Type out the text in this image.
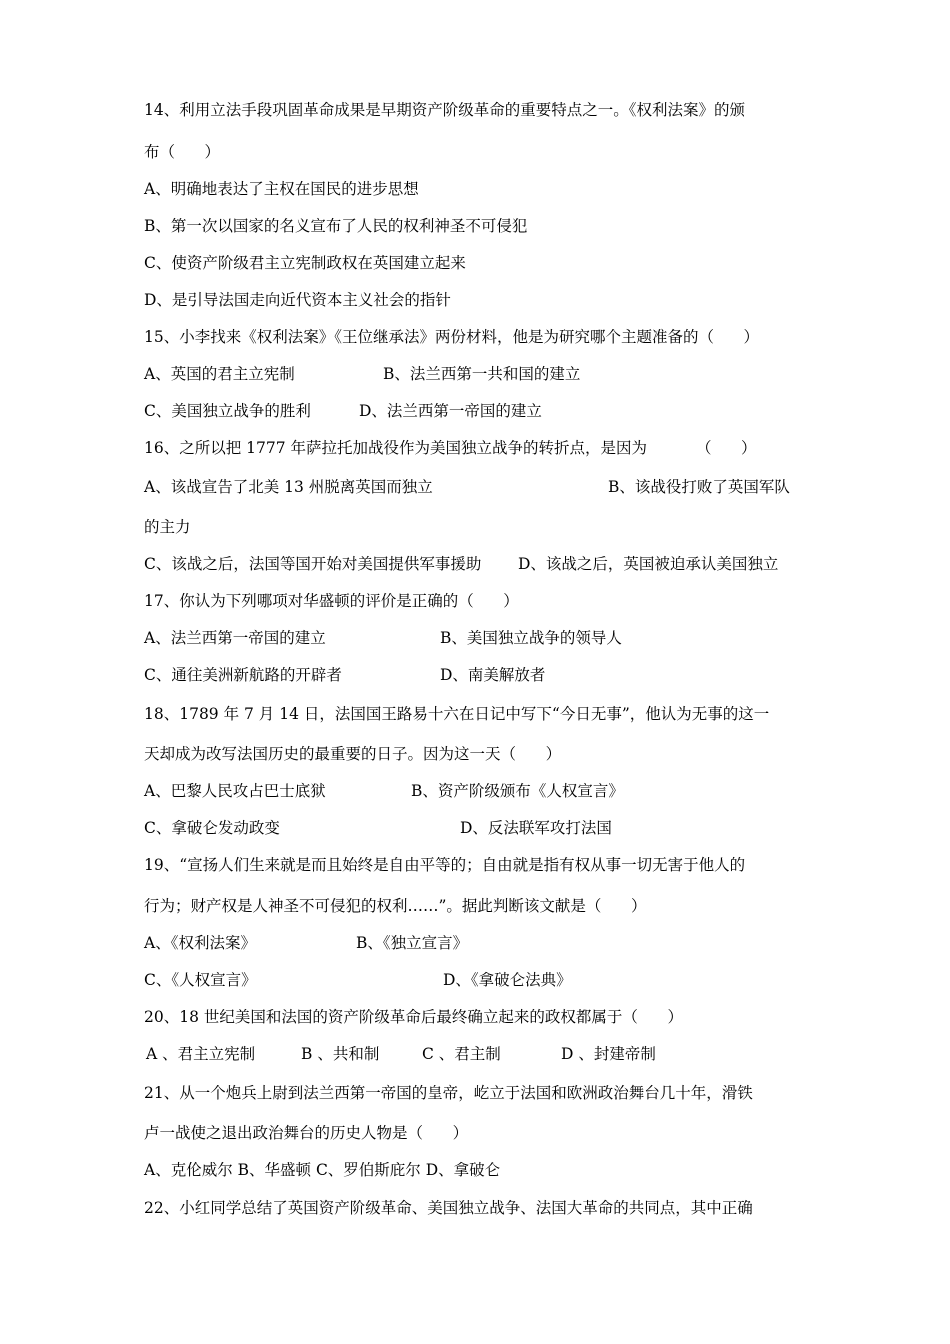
14、利用立法手段巩固革命成果是早期资产阶级革命的重要特点之一。《权利法案》的颁
布（      ）
A、明确地表达了主权在国民的进步思想
B、第一次以国家的名义宣布了人民的权利神圣不可侵犯
C、使资产阶级君主立宪制政权在英国建立起来
D、是引导法国走向近代资本主义社会的指针
15、小李找来《权利法案》《王位继承法》两份材料，他是为研究哪个主题准备的（      ）
A、英国的君主立宪制	B、法兰西第一共和国的建立
C、美国独立战争的胜利	D、法兰西第一帝国的建立
16、之所以把 1777 年萨拉托加战役作为美国独立战争的转折点，是因为	（      ）
A、该战宣告了北美 13 州脱离英国而独立	B、该战役打败了英国军队
的主力
C、该战之后，法国等国开始对美国提供军事援助 D、该战之后，英国被迫承认美国独立
17、你认为下列哪项对华盛顿的评价是正确的（      ）
A、法兰西第一帝国的建立	B、美国独立战争的领导人
C、通往美洲新航路的开辟者	D、南美解放者
18、1789 年 7 月 14 日，法国国王路易十六在日记中写下“今日无事”，他认为无事的这一
天却成为改写法国历史的最重要的日子。因为这一天（      ）
A、巴黎人民攻占巴士底狱	B、资产阶级颁布《人权宣言》
C、拿破仑发动政变	D、反法联军攻打法国
19、“宣扬人们生来就是而且始终是自由平等的；自由就是指有权从事一切无害于他人的
行为；财产权是人神圣不可侵犯的权利……”。据此判断该文献是（      ）
A、《权利法案》	B、《独立宣言》
C、《人权宣言》	D、《拿破仑法典》
20、18 世纪美国和法国的资产阶级革命后最终确立起来的政权都属于（      ）
A 、君主立宪制	B 、共和制	C 、君主制	D 、封建帝制
21、从一个炮兵上尉到法兰西第一帝国的皇帝，屹立于法国和欧洲政治舞台几十年，滑铁
卢一战使之退出政治舞台的历史人物是（      ）
A、克伦威尔 B、华盛顿 C、罗伯斯庇尔 D、拿破仑
22、小红同学总结了英国资产阶级革命、美国独立战争、法国大革命的共同点，其中正确
